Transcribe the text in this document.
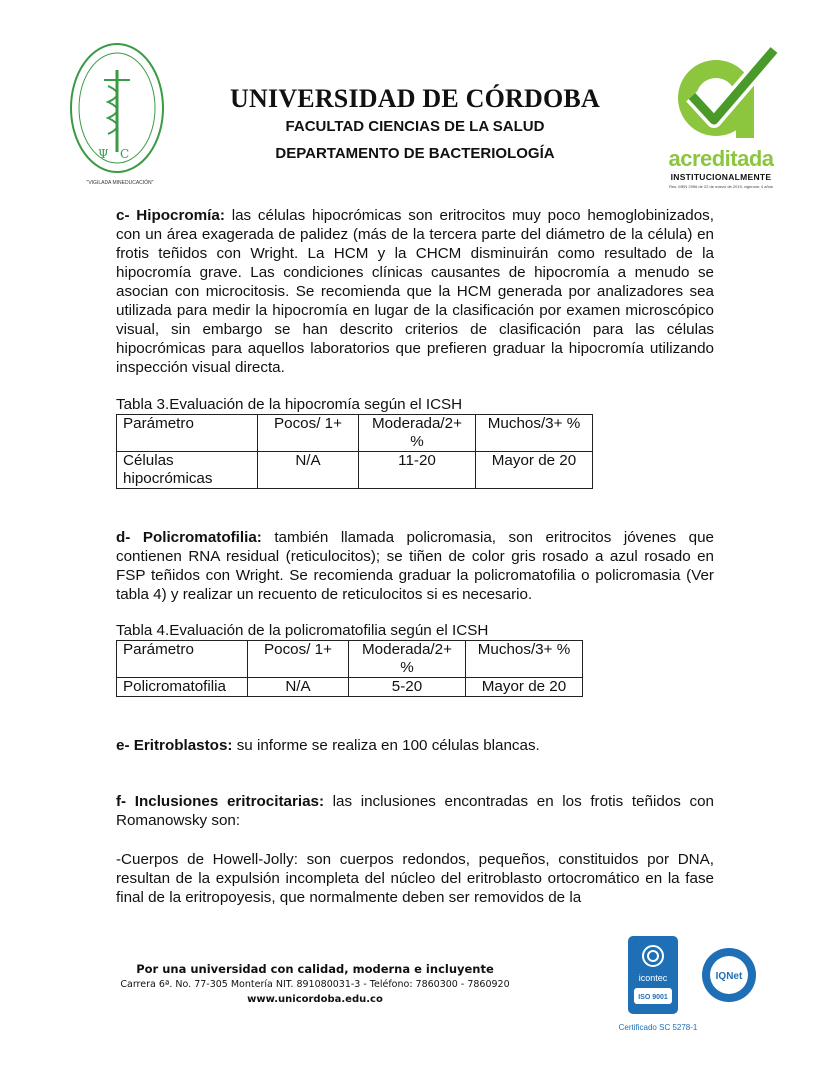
Ψ C
"VIGILADA MINEDUCACIÓN"
UNIVERSIDAD DE CÓRDOBA
FACULTAD CIENCIAS DE LA SALUD
DEPARTAMENTO DE BACTERIOLOGÍA	acreditada
INSTITUCIONALMENTE
Res. MEN 2956 de 22 de marzo de 2019, vigencia: 4 años

c- Hipocromía: las células hipocrómicas son eritrocitos muy poco hemoglobinizados, con un área exagerada de palidez (más de la tercera parte del diámetro de la célula) en frotis teñidos con Wright. La HCM y la CHCM disminuirán como resultado de la hipocromía grave. Las condiciones clínicas causantes de hipocromía a menudo se asocian con microcitosis. Se recomienda que la HCM generada por analizadores sea utilizada para medir la hipocromía en lugar de la clasificación por examen microscópico visual, sin embargo se han descrito criterios de clasificación para las células hipocrómicas para aquellos laboratorios que prefieren graduar la hipocromía utilizando inspección visual directa.

Tabla 3.Evaluación de la hipocromía según el ICSH
Parámetro	Pocos/ 1+	Moderada/2+ %	Muchos/3+ %
Células hipocrómicas	N/A	11-20	Mayor de 20

d- Policromatofilia: también llamada policromasia, son eritrocitos jóvenes que contienen RNA residual (reticulocitos); se tiñen de color gris rosado a azul rosado en FSP teñidos con Wright. Se recomienda graduar la policromatofilia o policromasia (Ver tabla 4) y realizar un recuento de reticulocitos si es necesario.

Tabla 4.Evaluación de la policromatofilia según el ICSH
Parámetro	Pocos/ 1+	Moderada/2+ %	Muchos/3+ %
Policromatofilia	N/A	5-20	Mayor de 20

e- Eritroblastos: su informe se realiza en 100 células blancas.

f- Inclusiones eritrocitarias: las inclusiones encontradas en los frotis teñidos con Romanowsky son:

-Cuerpos de Howell-Jolly: son cuerpos redondos, pequeños, constituidos por DNA, resultan de la expulsión incompleta del núcleo del eritroblasto ortocromático en la fase final de la eritropoyesis, que normalmente deben ser removidos de la

Por una universidad con calidad, moderna e incluyente
Carrera 6ª. No. 77-305 Montería NIT. 891080031-3 - Teléfono: 7860300 - 7860920
www.unicordoba.edu.co
icontec
ISO 9001
IQNet
Certificado SC 5278-1
